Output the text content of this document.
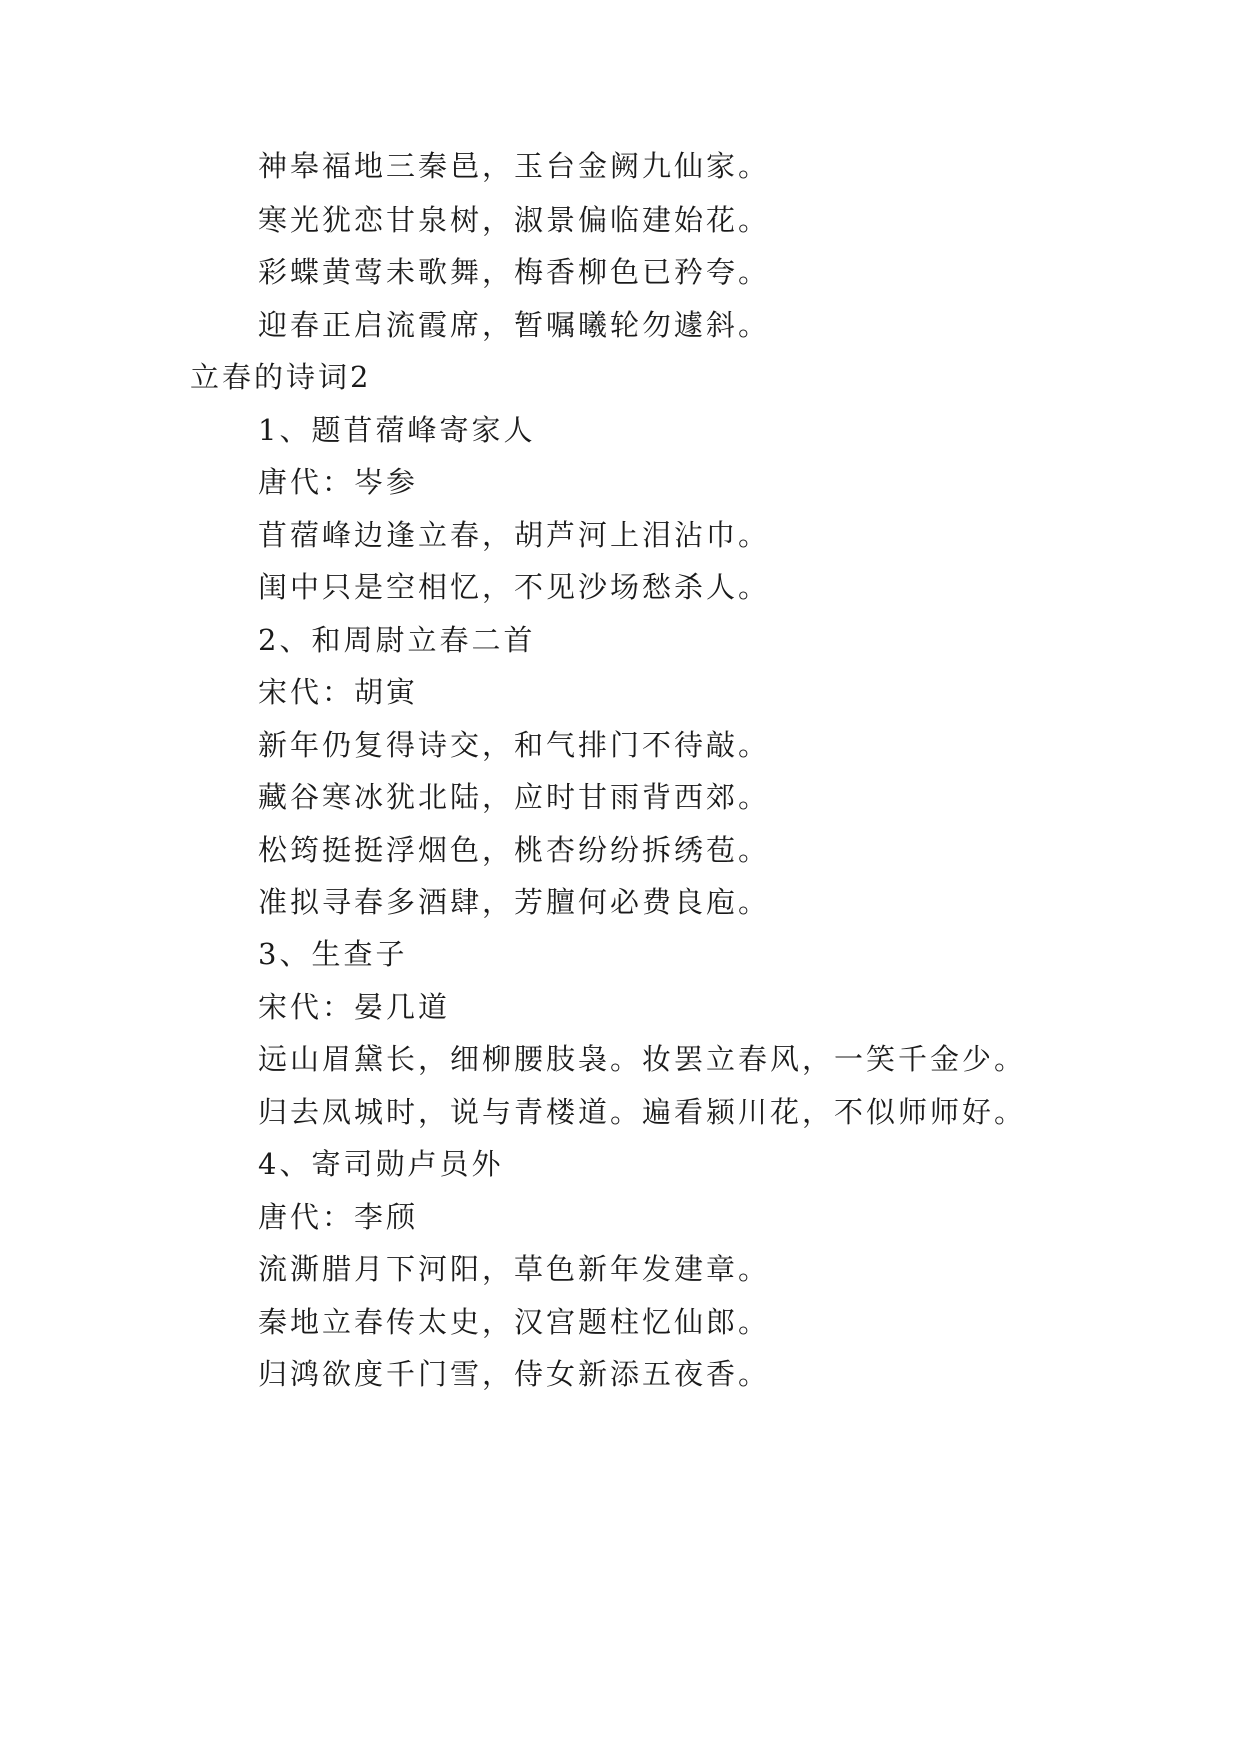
神皋福地三秦邑，玉台金阙九仙家。
寒光犹恋甘泉树，淑景偏临建始花。
彩蝶黄莺未歌舞，梅香柳色已矜夸。
迎春正启流霞席，暂嘱曦轮勿遽斜。
立春的诗词2
1、题苜蓿峰寄家人
唐代：岑参
苜蓿峰边逢立春，胡芦河上泪沾巾。
闺中只是空相忆，不见沙场愁杀人。
2、和周尉立春二首
宋代：胡寅
新年仍复得诗交，和气排门不待敲。
藏谷寒冰犹北陆，应时甘雨背西郊。
松筠挺挺浮烟色，桃杏纷纷拆绣苞。
准拟寻春多酒肆，芳膻何必费良庖。
3、生查子
宋代：晏几道
远山眉黛长，细柳腰肢袅。妆罢立春风，一笑千金少。
归去凤城时，说与青楼道。遍看颍川花，不似师师好。
4、寄司勋卢员外
唐代：李颀
流澌腊月下河阳，草色新年发建章。
秦地立春传太史，汉宫题柱忆仙郎。
归鸿欲度千门雪，侍女新添五夜香。
